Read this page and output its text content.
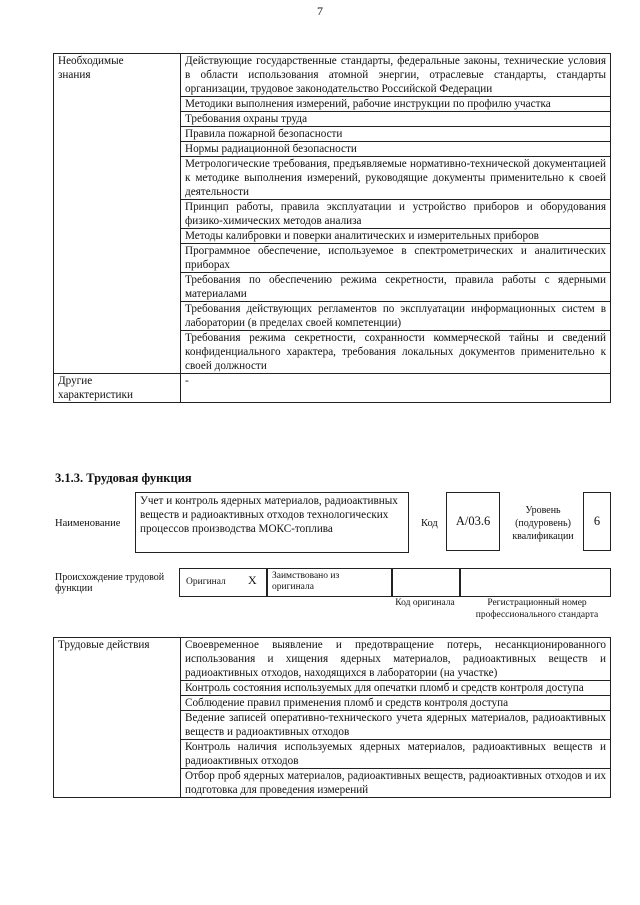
7
Необходимые
знания	Действующие государственные стандарты, федеральные законы, технические условия в области использования атомной энергии, отраслевые стандарты, стандарты организации, трудовое законодательство Российской Федерации
	Методики выполнения измерений, рабочие инструкции по профилю участка
	Требования охраны труда
	Правила пожарной безопасности
	Нормы радиационной безопасности
	Метрологические требования, предъявляемые нормативно-технической документацией к методике выполнения измерений, руководящие документы применительно к своей деятельности
	Принцип работы, правила эксплуатации и устройство приборов и оборудования физико-химических методов анализа
	Методы калибровки и поверки аналитических и измерительных приборов
	Программное обеспечение, используемое в спектрометрических и аналитических приборах
	Требования по обеспечению режима секретности, правила работы с ядерными материалами
	Требования действующих регламентов по эксплуатации информационных систем в лаборатории (в пределах своей компетенции)
	Требования режима секретности, сохранности коммерческой тайны и сведений конфиденциального характера, требования локальных документов применительно к своей должности
Другие
характеристики	-
3.1.3. Трудовая функция
Наименование
Учет и контроль ядерных материалов, радиоактивных веществ и радиоактивных отходов технологических процессов производства МОКС-топлива	Код	А/03.6
Уровень (подуровень) квалификации
6
Происхождение трудовой функции
Оригинал X Заимствовано из оригинала
Код оригинала	Регистрационный номер профессионального стандарта
Трудовые действия	Своевременное выявление и предотвращение потерь, несанкционированного использования и хищения ядерных материалов, радиоактивных веществ и радиоактивных отходов, находящихся в лаборатории (на участке)
Контроль состояния используемых для опечатки пломб и средств контроля доступа
Соблюдение правил применения пломб и средств контроля доступа
Ведение записей оперативно-технического учета ядерных материалов, радиоактивных веществ и радиоактивных отходов
Контроль наличия используемых ядерных материалов, радиоактивных веществ и радиоактивных отходов
Отбор проб ядерных материалов, радиоактивных веществ, радиоактивных отходов и их подготовка для проведения измерений
